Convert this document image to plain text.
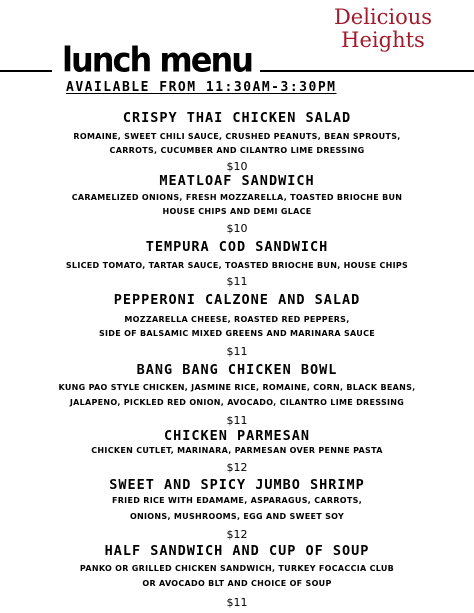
Delicious
Heights
lunch menu
AVAILABLE FROM 11:30AM-3:30PM
CRISPY THAI CHICKEN SALAD
ROMAINE, SWEET CHILI SAUCE, CRUSHED PEANUTS, BEAN SPROUTS,
CARROTS, CUCUMBER AND CILANTRO LIME DRESSING
$10
MEATLOAF SANDWICH
CARAMELIZED ONIONS, FRESH MOZZARELLA, TOASTED BRIOCHE BUN
HOUSE CHIPS AND DEMI GLACE
$10
TEMPURA COD SANDWICH
SLICED TOMATO, TARTAR SAUCE, TOASTED BRIOCHE BUN, HOUSE CHIPS
$11
PEPPERONI CALZONE AND SALAD
MOZZARELLA CHEESE, ROASTED RED PEPPERS,
SIDE OF BALSAMIC MIXED GREENS AND MARINARA SAUCE
$11
BANG BANG CHICKEN BOWL
KUNG PAO STYLE CHICKEN, JASMINE RICE, ROMAINE, CORN, BLACK BEANS,
JALAPENO, PICKLED RED ONION, AVOCADO, CILANTRO LIME DRESSING
$11
CHICKEN PARMESAN
CHICKEN CUTLET, MARINARA, PARMESAN OVER PENNE PASTA
$12
SWEET AND SPICY JUMBO SHRIMP
FRIED RICE WITH EDAMAME, ASPARAGUS, CARROTS,
ONIONS, MUSHROOMS, EGG AND SWEET SOY
$12
HALF SANDWICH AND CUP OF SOUP
PANKO OR GRILLED CHICKEN SANDWICH, TURKEY FOCACCIA CLUB
OR AVOCADO BLT AND CHOICE OF SOUP
$11
